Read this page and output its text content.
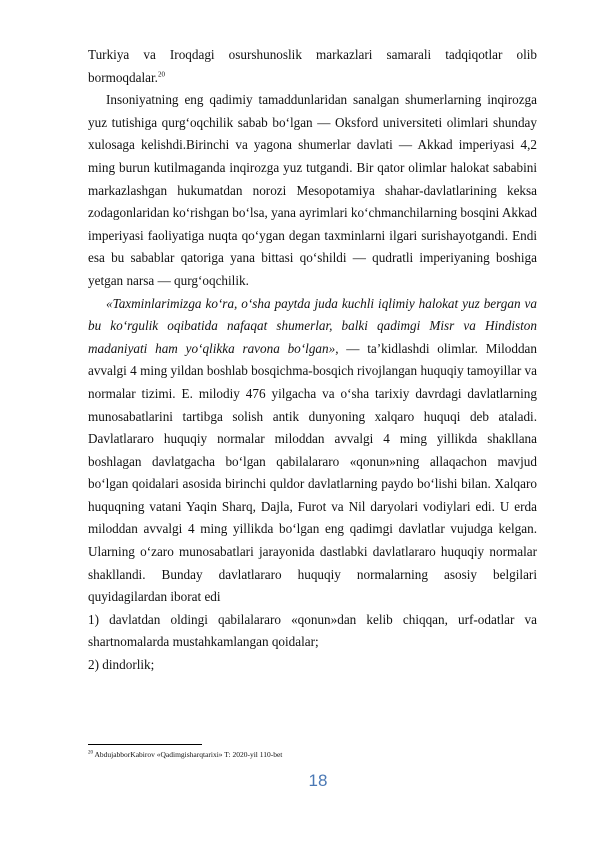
Turkiya va Iroqdagi osurshunoslik markazlari samarali tadqiqotlar olib bormoqdalar.$^{20}$

Insoniyatning eng qadimiy tamaddunlaridan sanalgan shumerlarning inqirozga yuz tutishiga qurg‘oqchilik sabab bo‘lgan — Oksford universiteti olimlari shunday xulosaga kelishdi.Birinchi va yagona shumerlar davlati — Akkad imperiyasi 4,2 ming burun kutilmaganda inqirozga yuz tutgandi. Bir qator olimlar halokat sababini markazlashgan hukumatdan norozi Mesopotamiya shahar-davlatlarining keksa zodagonlaridan ko‘rishgan bo‘lsa, yana ayrimlari ko‘chmanchilarning bosqini Akkad imperiyasi faoliyatiga nuqta qo‘ygan degan taxminlarni ilgari surishayotgandi. Endi esa bu sabablar qatoriga yana bittasi qo‘shildi — qudratli imperiyaning boshiga yetgan narsa — qurg‘oqchilik.

«Taxminlarimizga ko‘ra, o‘sha paytda juda kuchli iqlimiy halokat yuz bergan va bu ko‘rgulik oqibatida nafaqat shumerlar, balki qadimgi Misr va Hindiston madaniyati ham yo‘qlikka ravona bo‘lgan», — ta’kidlashdi olimlar. Miloddan avvalgi 4 ming yildan boshlab bosqichma-bosqich rivojlangan huquqiy tamoyillar va normalar tizimi. E. milodiy 476 yilgacha va o‘sha tarixiy davrdagi davlatlarning munosabatlarini tartibga solish antik dunyoning xalqaro huquqi deb ataladi. Davlatlararo huquqiy normalar miloddan avvalgi 4 ming yillikda shakllana boshlagan davlatgacha bo‘lgan qabilalararo «qonun»ning allaqachon mavjud bo‘lgan qoidalari asosida birinchi quldor davlatlarning paydo bo‘lishi bilan. Xalqaro huquqning vatani Yaqin Sharq, Dajla, Furot va Nil daryolari vodiylari edi. U erda miloddan avvalgi 4 ming yillikda bo‘lgan eng qadimgi davlatlar vujudga kelgan. Ularning o‘zaro munosabatlari jarayonida dastlabki davlatlararo huquqiy normalar shakllandi. Bunday davlatlararo huquqiy normalarning asosiy belgilari quyidagilardan iborat edi

1) davlatdan oldingi qabilalararo «qonun»dan kelib chiqqan, urf-odatlar va shartnomalarda mustahkamlangan qoidalar;

2) dindorlik;

$^{20}$ AbdujabborKabirov «Qadimgisharqtarixi» T: 2020-yil 110-bet
18
